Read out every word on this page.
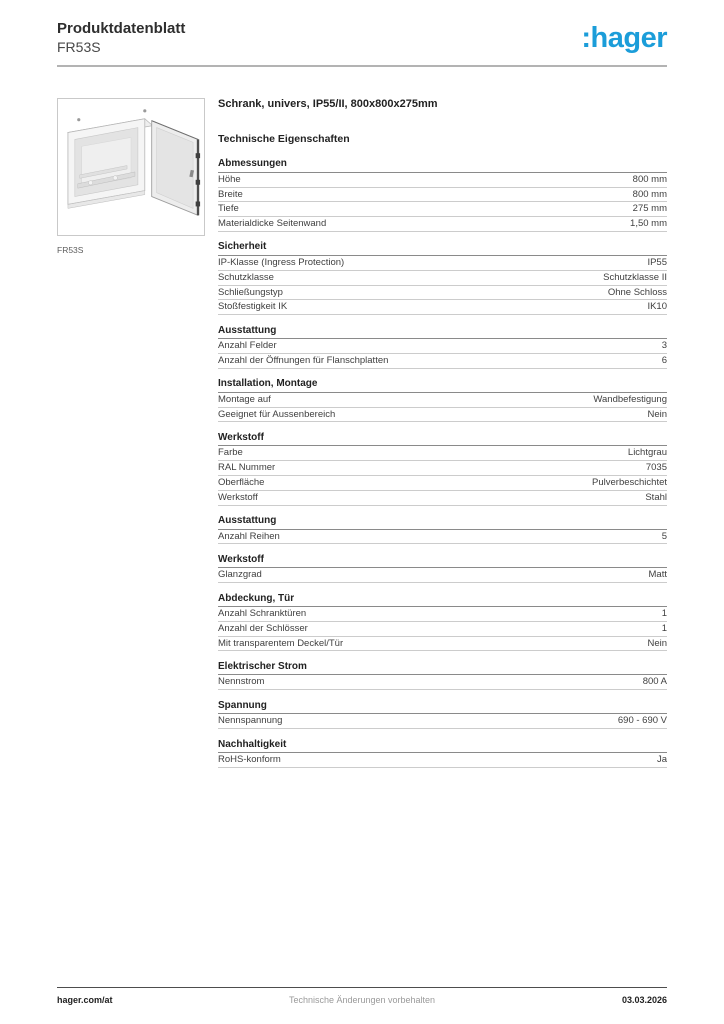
Produktdatenblatt
FR53S	:hager
FR53S
Schrank, univers, IP55/II, 800x800x275mm
Technische Eigenschaften
Abmessungen
Höhe	800 mm
Breite	800 mm
Tiefe	275 mm
Materialdicke Seitenwand	1,50 mm
Sicherheit
IP-Klasse (Ingress Protection)	IP55
Schutzklasse	Schutzklasse II
Schließungstyp	Ohne Schloss
Stoßfestigkeit IK	IK10
Ausstattung
Anzahl Felder	3
Anzahl der Öffnungen für Flanschplatten	6
Installation, Montage
Montage auf	Wandbefestigung
Geeignet für Aussenbereich	Nein
Werkstoff
Farbe	Lichtgrau
RAL Nummer	7035
Oberfläche	Pulverbeschichtet
Werkstoff	Stahl
Ausstattung
Anzahl Reihen	5
Werkstoff
Glanzgrad	Matt
Abdeckung, Tür
Anzahl Schranktüren	1
Anzahl der Schlösser	1
Mit transparentem Deckel/Tür	Nein
Elektrischer Strom
Nennstrom	800 A
Spannung
Nennspannung	690 - 690 V
Nachhaltigkeit
RoHS-konform	Ja
hager.com/at	Technische Änderungen vorbehalten	03.03.2026
